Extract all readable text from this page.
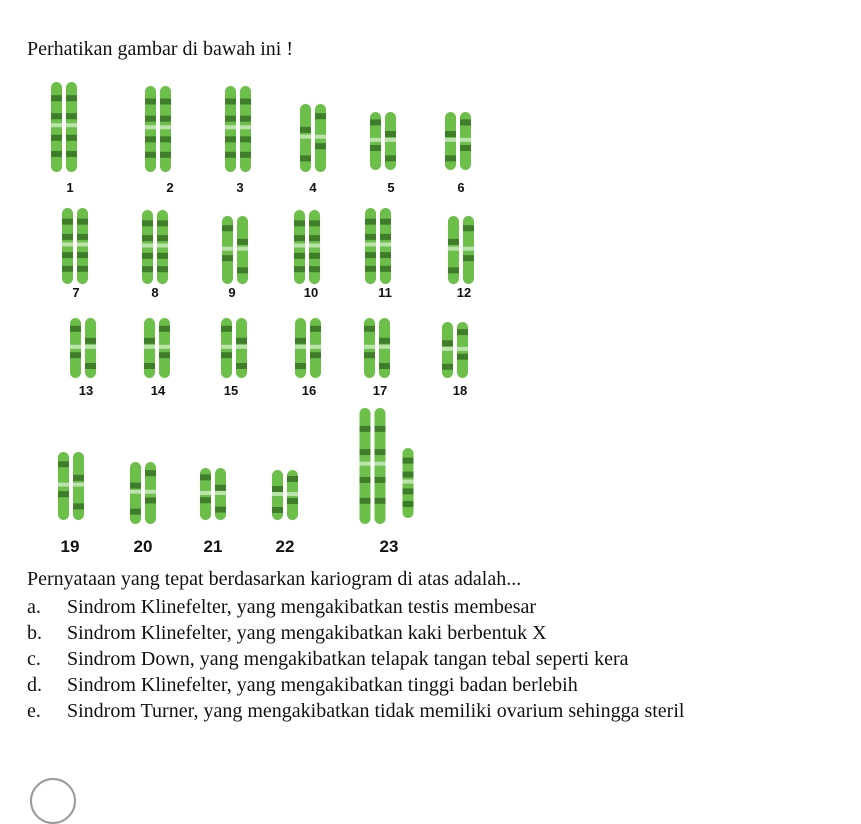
Perhatikan gambar di bawah ini !
1	2	3	4	5	6
7	8	9	10	11	12
13	14	15	16	17	18
19	20	21	22	23
Pernyataan yang tepat berdasarkan kariogram di atas adalah...
a.	Sindrom Klinefelter, yang mengakibatkan testis membesar
b.	Sindrom Klinefelter, yang mengakibatkan kaki berbentuk X
c.	Sindrom Down, yang mengakibatkan telapak tangan tebal seperti kera
d.	Sindrom Klinefelter, yang mengakibatkan tinggi badan berlebih
e.	Sindrom Turner, yang mengakibatkan tidak memiliki ovarium sehingga steril
